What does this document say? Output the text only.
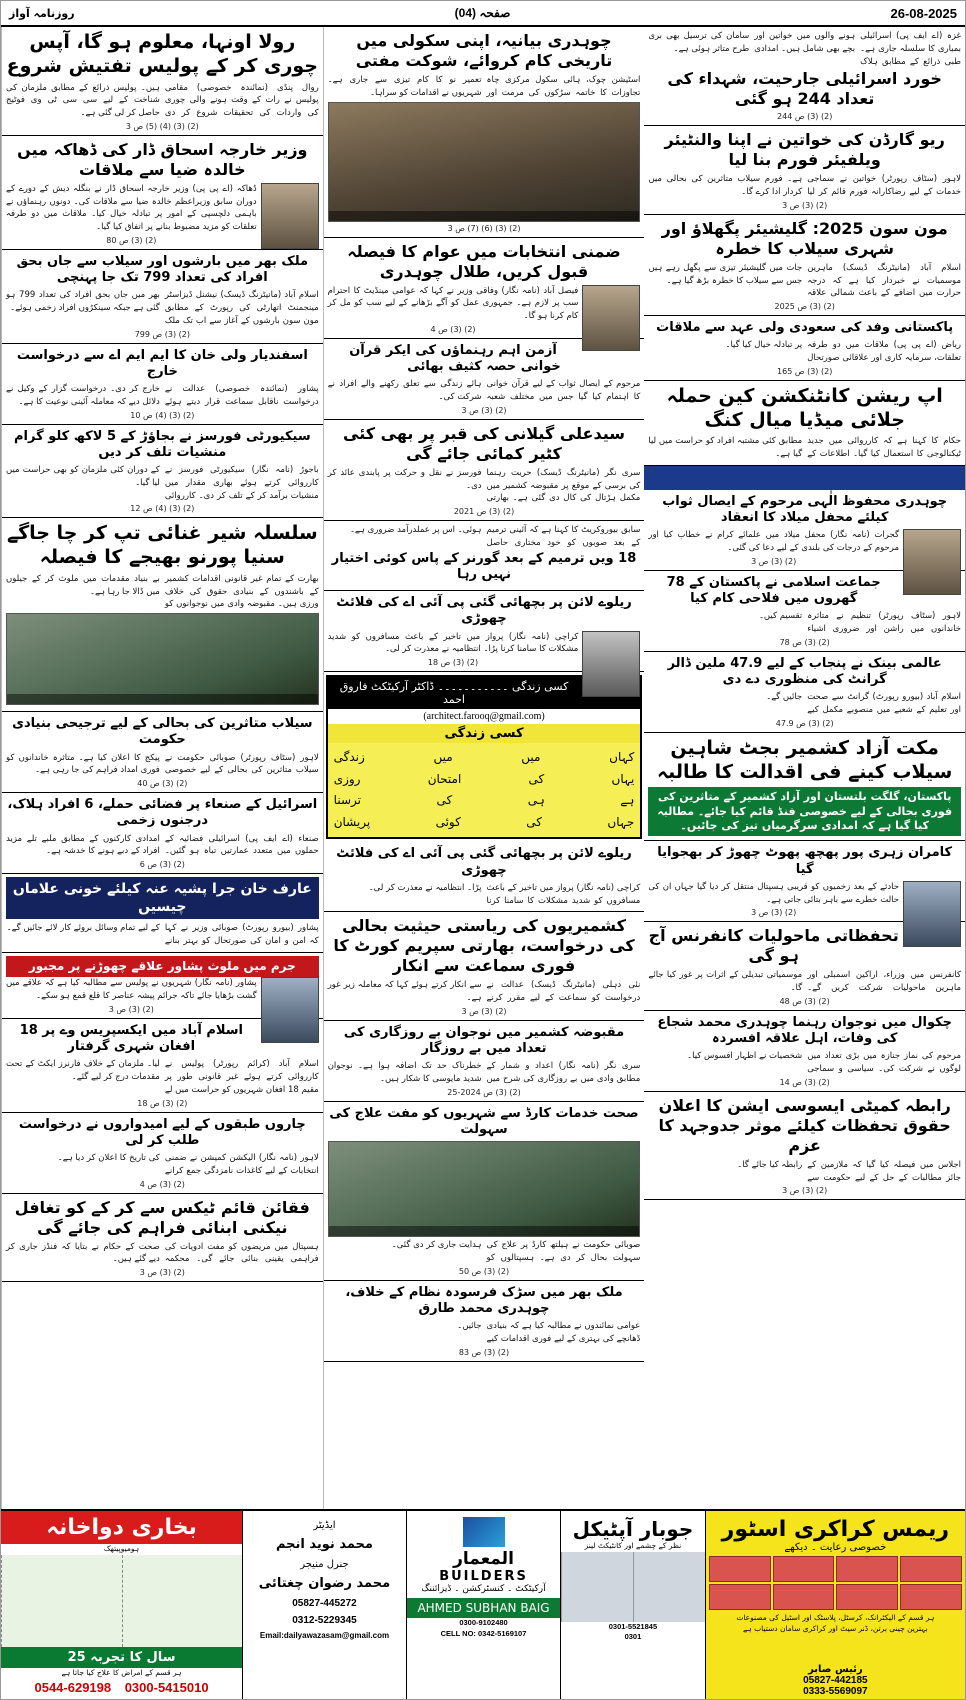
26-08-2025
صفحہ (04)
روزنامہ آواز
رولا اونہا، معلوم ہو گا، آپس چوری کر کے پولیس تفتیش شروع
روال پنڈی (نمائندہ خصوصی) مقامی پولیس نے رات کے وقت ہونے والی چوری کی واردات کی تحقیقات شروع کر دی ہیں۔ پولیس ذرائع کے مطابق ملزمان کی شناخت کے لیے سی سی ٹی وی فوٹیج حاصل کر لی گئی ہے۔
(2) (3) (4) (5) ص 3
وزیر خارجہ اسحاق ڈار کی ڈھاکہ میں خالدہ ضیا سے ملاقات
ڈھاکہ (اے پی پی) وزیر خارجہ اسحاق ڈار نے بنگلہ دیش کے دورے کے دوران سابق وزیراعظم خالدہ ضیا سے ملاقات کی۔ دونوں رہنماؤں نے باہمی دلچسپی کے امور پر تبادلہ خیال کیا۔ ملاقات میں دو طرفہ تعلقات کو مزید مضبوط بنانے پر اتفاق کیا گیا۔
(2) (3) ص 80
ملک بھر میں بارشوں اور سیلاب سے جاں بحق افراد کی تعداد 799 تک جا پہنچی
اسلام آباد (مانیٹرنگ ڈیسک) نیشنل ڈیزاسٹر مینجمنٹ اتھارٹی کی رپورٹ کے مطابق مون سون بارشوں کے آغاز سے اب تک ملک بھر میں جاں بحق افراد کی تعداد 799 ہو گئی ہے جبکہ سینکڑوں افراد زخمی ہوئے۔
(2) (3) ص 799
اسفندیار ولی خان کا ایم ایم اے سے درخواست خارج
پشاور (نمائندہ خصوصی) عدالت نے درخواست ناقابل سماعت قرار دیتے ہوئے خارج کر دی۔ درخواست گزار کے وکیل نے دلائل دیے کہ معاملہ آئینی نوعیت کا ہے۔
(2) (3) (4) ص 10
سیکیورٹی فورسز نے بجاؤڑ کے 5 لاکھ کلو گرام منشیات تلف کر دیں
باجوڑ (نامہ نگار) سیکیورٹی فورسز نے کارروائی کرتے ہوئے بھاری مقدار میں منشیات برآمد کر کے تلف کر دی۔ کارروائی کے دوران کئی ملزمان کو بھی حراست میں لیا گیا۔
(2) (3) (4) ص 12
سلسلہ شیر غنائی تپ کر چا جاگے سنیا پورنو بھیجے کا فیصلہ
بھارت کے تمام غیر قانونی اقدامات کشمیر کے باشندوں کے بنیادی حقوق کی خلاف ورزی ہیں۔ مقبوضہ وادی میں نوجوانوں کو بے بنیاد مقدمات میں ملوث کر کے جیلوں میں ڈالا جا رہا ہے۔

سیلاب متاثرین کی بحالی کے لیے ترجیحی بنیادی حکومت
لاہور (سٹاف رپورٹر) صوبائی حکومت نے سیلاب متاثرین کی بحالی کے لیے خصوصی پیکج کا اعلان کیا ہے۔ متاثرہ خاندانوں کو فوری امداد فراہم کی جا رہی ہے۔
(2) (3) ص 40
اسرائیل کے صنعاء پر فضائی حملے، 6 افراد ہلاک، درجنوں زخمی
صنعاء (اے ایف پی) اسرائیلی فضائیہ کے حملوں میں متعدد عمارتیں تباہ ہو گئیں۔ امدادی کارکنوں کے مطابق ملبے تلے مزید افراد کے دبے ہونے کا خدشہ ہے۔
(2) (3) ص 6
عارف خان جرا پشیہ عنہ کیلئے خونی علاماں چیسیں
پشاور (بیورو رپورٹ) صوبائی وزیر نے کہا کہ امن و امان کی صورتحال کو بہتر بنانے کے لیے تمام وسائل بروئے کار لائے جائیں گے۔
جرم میں ملوث پشاور علاقے چھوڑنے پر مجبور
پشاور (نامہ نگار) شہریوں نے پولیس سے مطالبہ کیا ہے کہ علاقے میں گشت بڑھایا جائے تاکہ جرائم پیشہ عناصر کا قلع قمع ہو سکے۔
(2) (3) ص 3
اسلام آباد میں ایکسپریس وے پر 18 افغان شہری گرفتار
اسلام آباد (کرائم رپورٹر) پولیس نے کارروائی کرتے ہوئے غیر قانونی طور پر مقیم 18 افغان شہریوں کو حراست میں لے لیا۔ ملزمان کے خلاف فارنرز ایکٹ کے تحت مقدمات درج کر لیے گئے۔
(2) (3) ص 18
چاروں طبقوں کے لیے امیدواروں نے درخواست طلب کر لی
لاہور (نامہ نگار) الیکشن کمیشن نے ضمنی انتخابات کے لیے کاغذات نامزدگی جمع کرانے کی تاریخ کا اعلان کر دیا ہے۔
(2) (3) ص 4
فقائن قائم ٹیکس سے کر کے کو تغافل نیکنی ابنائی فراہم کی جائے گی
ہسپتال میں مریضوں کو مفت ادویات کی فراہمی یقینی بنائی جائے گی۔ محکمہ صحت کے حکام نے بتایا کہ فنڈز جاری کر دیے گئے ہیں۔
(2) (3) ص 3
چوہدری بیانیہ، اپنی سکولی میں تاریخی کام کروائے، شوکت مفتی
اسٹیشن چوک، ہائی سکول مرکزی چاہ تجاوزات کا خاتمہ سڑکوں کی مرمت اور تعمیر نو کا کام تیزی سے جاری ہے۔ شہریوں نے اقدامات کو سراہا۔

(2) (3) (6) (7) ص 3
ضمنی انتخابات میں عوام کا فیصلہ قبول کریں، طلال چوہدری
فیصل آباد (نامہ نگار) وفاقی وزیر نے کہا کہ عوامی مینڈیٹ کا احترام سب پر لازم ہے۔ جمہوری عمل کو آگے بڑھانے کے لیے سب کو مل کر کام کرنا ہو گا۔
(2) (3) ص 4
آزمن اہم رہنماؤں کی ایکر قرآن خوانی حصہ کثیف بھائی
مرحوم کے ایصال ثواب کے لیے قرآن خوانی کا اہتمام کیا گیا جس میں مختلف شعبہ ہائے زندگی سے تعلق رکھنے والے افراد نے شرکت کی۔
(2) (3) ص 3
سیدعلی گیلانی کی قبر پر بھی کئی کٹیر کمائی جائے گی
سری نگر (مانیٹرنگ ڈیسک) حریت رہنما کی برسی کے موقع پر مقبوضہ کشمیر میں مکمل ہڑتال کی کال دی گئی ہے۔ بھارتی فورسز نے نقل و حرکت پر پابندی عائد کر دی۔
(2) (3) ص 2021
سابق بیوروکریٹ کا کہنا ہے کہ آئینی ترمیم کے بعد صوبوں کو خود مختاری حاصل ہوئی۔ اس پر عملدرآمد ضروری ہے۔
18 ویں ترمیم کے بعد گورنر کے پاس کوئی اختیار نہیں رہا
ریلوے لائن پر بچھائی گئی پی آئی اے کی فلائٹ چھوڑی
کراچی (نامہ نگار) پرواز میں تاخیر کے باعث مسافروں کو شدید مشکلات کا سامنا کرنا پڑا۔ انتظامیہ نے معذرت کر لی۔
(2) (3) ص 18
کسی زندگی ۔۔۔۔۔۔۔۔۔۔۔ ڈاکٹر آرکیٹکٹ فاروق احمد
(architect.farooq@gmail.com)
کسی زندگی
کہاں
میں
میں
زندگی
یہاں
کی
امتحان
روزی
ہے
ہی
کی
ترسنا
جہاں
کی
کوئی
پریشان
ریلوے لائن پر بچھائی گئی پی آئی اے کی فلائٹ چھوڑی
کراچی (نامہ نگار) پرواز میں تاخیر کے باعث مسافروں کو شدید مشکلات کا سامنا کرنا پڑا۔ انتظامیہ نے معذرت کر لی۔
کشمیریوں کی ریاستی حیثیت بحالی کی درخواست، بھارتی سپریم کورٹ کا فوری سماعت سے انکار
نئی دہلی (مانیٹرنگ ڈیسک) عدالت نے درخواست کو سماعت کے لیے مقرر کرنے سے انکار کرتے ہوئے کہا کہ معاملہ زیر غور ہے۔
(2) (3) ص 3
مقبوضہ کشمیر میں نوجوان بے روزگاری کی تعداد میں بے روزگار
سری نگر (نامہ نگار) اعداد و شمار کے مطابق وادی میں بے روزگاری کی شرح میں خطرناک حد تک اضافہ ہوا ہے۔ نوجوان شدید مایوسی کا شکار ہیں۔
(2) (3) ص 2024-25
صحت خدمات کارڈ سے شہریوں کو مفت علاج کی سہولت

صوبائی حکومت نے ہیلتھ کارڈ پر علاج کی سہولت بحال کر دی ہے۔ ہسپتالوں کو ہدایت جاری کر دی گئی۔
(2) (3) ص 50
ملک بھر میں سڑک فرسودہ نظام کے خلاف، چوہدری محمد طارق
عوامی نمائندوں نے مطالبہ کیا ہے کہ بنیادی ڈھانچے کی بہتری کے لیے فوری اقدامات کیے جائیں۔
(2) (3) ص 83
غزہ (اے ایف پی) اسرائیلی بمباری کا سلسلہ جاری ہے۔ طبی ذرائع کے مطابق ہلاک ہونے والوں میں خواتین اور بچے بھی شامل ہیں۔ امدادی سامان کی ترسیل بھی بری طرح متاثر ہوئی ہے۔
خورد اسرائیلی جارحیت، شہداء کی تعداد 244 ہو گئی
(2) (3) ص 244
ریو گارڈن کی خواتین نے اپنا والنٹیئر ویلفیئر فورم بنا لیا
لاہور (سٹاف رپورٹر) خواتین نے سماجی خدمات کے لیے رضاکارانہ فورم قائم کر لیا ہے۔ فورم سیلاب متاثرین کی بحالی میں کردار ادا کرے گا۔
(2) (3) ص 3
مون سون 2025: گلیشیئر پگھلاؤ اور شہری سیلاب کا خطرہ
اسلام آباد (مانیٹرنگ ڈیسک) ماہرین موسمیات نے خبردار کیا ہے کہ درجہ حرارت میں اضافے کے باعث شمالی علاقہ جات میں گلیشیئر تیزی سے پگھل رہے ہیں جس سے سیلاب کا خطرہ بڑھ گیا ہے۔
(2) (3) ص 2025
پاکستانی وفد کی سعودی ولی عہد سے ملاقات
ریاض (اے پی پی) ملاقات میں دو طرفہ تعلقات، سرمایہ کاری اور علاقائی صورتحال پر تبادلہ خیال کیا گیا۔
(2) (3) ص 165
اپ ریشن کانٹنکشن کین حملہ جلائی میڈیا میال کنگ
حکام کا کہنا ہے کہ کارروائی میں جدید ٹیکنالوجی کا استعمال کیا گیا۔ اطلاعات کے مطابق کئی مشتبہ افراد کو حراست میں لیا گیا ہے۔

چوہدری محفوظ الٰہی مرحوم کے ایصال ثواب کیلئے محفل میلاد کا انعقاد
گجرات (نامہ نگار) محفل میلاد میں علمائے کرام نے خطاب کیا اور مرحوم کے درجات کی بلندی کے لیے دعا کی گئی۔
(2) (3) ص 3
جماعت اسلامی نے پاکستان کے 78 گھروں میں فلاحی کام کیا
لاہور (سٹاف رپورٹر) تنظیم نے متاثرہ خاندانوں میں راشن اور ضروری اشیاء تقسیم کیں۔
(2) (3) ص 78
عالمی بینک نے پنجاب کے لیے 47.9 ملین ڈالر گرانٹ کی منظوری دے دی
اسلام آباد (بیورو رپورٹ) گرانٹ سے صحت اور تعلیم کے شعبے میں منصوبے مکمل کیے جائیں گے۔
(2) (3) ص 47.9
مکت آزاد کشمیر بجٹ شاہین سیلاب کینے فی اقدالت کا طالبہ
پاکستان، گلگت بلتستان اور آزاد کشمیر کے متاثرین کی فوری بحالی کے لیے خصوصی فنڈ قائم کیا جائے۔ مطالبہ کیا گیا ہے کہ امدادی سرگرمیاں تیز کی جائیں۔
کامران زہری پور پھچھ پھوٹ چھوڑ کر بھجوایا گیا
حادثے کے بعد زخمیوں کو قریبی ہسپتال منتقل کر دیا گیا جہاں ان کی حالت خطرے سے باہر بتائی جاتی ہے۔
(2) (3) ص 3
تحفظاتی ماحولیات کانفرنس آج ہو گی
کانفرنس میں وزراء، اراکین اسمبلی اور ماہرین ماحولیات شرکت کریں گے۔ موسمیاتی تبدیلی کے اثرات پر غور کیا جائے گا۔
(2) (3) ص 48
چکوال میں نوجوان رہنما چوہدری محمد شجاع کی وفات، اہل علاقہ افسردہ
مرحوم کی نماز جنازہ میں بڑی تعداد میں لوگوں نے شرکت کی۔ سیاسی و سماجی شخصیات نے اظہار افسوس کیا۔
(2) (3) ص 14
رابطہ کمیٹی ایسوسی ایشن کا اعلان حقوق تحفظات کیلئے موثر جدوجہد کا عزم
اجلاس میں فیصلہ کیا گیا کہ ملازمین کے جائز مطالبات کے حل کے لیے حکومت سے رابطہ کیا جائے گا۔
(2) (3) ص 3
ریمس کراکری اسٹور
خصوصی رعایت ۔ دیکھے
ہر قسم کے الیکٹرانک، کرسٹل، پلاسٹک اور اسٹیل کی مصنوعات
بہترین چینی برتن، ڈنر سیٹ اور کراکری سامان دستیاب ہے
رئیس صابر
05827-442185
0333-5569097
جوبار آپٹیکل
نظر کے چشمے اور کانٹیکٹ لینز
0301-5521845
0301
المعمار
BUILDERS
آرکیٹکٹ ۔ کنسٹرکشن ۔ ڈیزائننگ
AHMED SUBHAN BAIG
0300-9102480
CELL NO: 0342-5169107
ایڈیٹر
محمد نوید انجم
جنرل منیجر
محمد رضوان چغتائی
05827-445272
0312-5229345
Email:dailyawazasam@gmail.com
بخاری دواخانہ
ہومیوپیتھک
25 سال کا تجربہ
ہر قسم کے امراض کا علاج کیا جاتا ہے
0544-629198 0300-5415010
